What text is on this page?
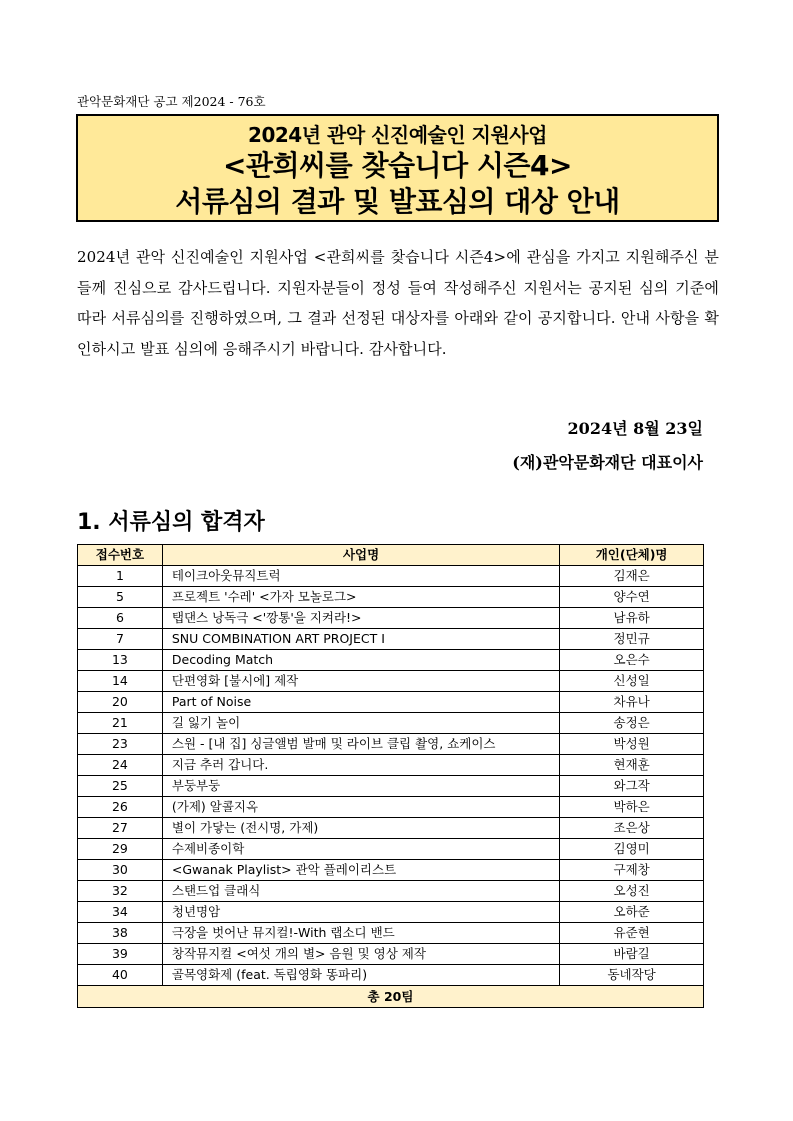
관악문화재단 공고 제2024 - 76호
2024년 관악 신진예술인 지원사업
<관희씨를 찾습니다 시즌4>
서류심의 결과 및 발표심의 대상 안내
2024년 관악 신진예술인 지원사업 <관희씨를 찾습니다 시즌4>에 관심을 가지고 지원해주신 분들께 진심으로 감사드립니다. 지원자분들이 정성 들여 작성해주신 지원서는 공지된 심의 기준에 따라 서류심의를 진행하였으며, 그 결과 선정된 대상자를 아래와 같이 공지합니다. 안내 사항을 확인하시고 발표 심의에 응해주시기 바랍니다. 감사합니다.
2024년 8월 23일
(재)관악문화재단 대표이사
1. 서류심의 합격자
접수번호	사업명	개인(단체)명
1	테이크아웃뮤직트럭	김재은
5	프로젝트 '수레' <가자 모놀로그>	양수연
6	탭댄스 낭독극 <'깡통'을 지켜라!>	남유하
7	SNU COMBINATION ART PROJECT I	정민규
13	Decoding Match	오은수
14	단편영화 [불시에] 제작	신성일
20	Part of Noise	차유나
21	길 잃기 놀이	송정은
23	스원 - [내 집] 싱글앨범 발매 및 라이브 클립 촬영, 쇼케이스	박성원
24	지금 추러 갑니다.	현재훈
25	부둥부둥	와그작
26	(가제) 알콜지옥	박하은
27	별이 가닿는 (전시명, 가제)	조은상
29	수제비종이학	김영미
30	<Gwanak Playlist> 관악 플레이리스트	구제창
32	스탠드업 클래식	오성진
34	청년명암	오하준
38	극장을 벗어난 뮤지컬!-With 랩소디 밴드	유준현
39	창작뮤지컬 <여섯 개의 별> 음원 및 영상 제작	바람길
40	골목영화제 (feat. 독립영화 똥파리)	동네작당
총 20팀		
